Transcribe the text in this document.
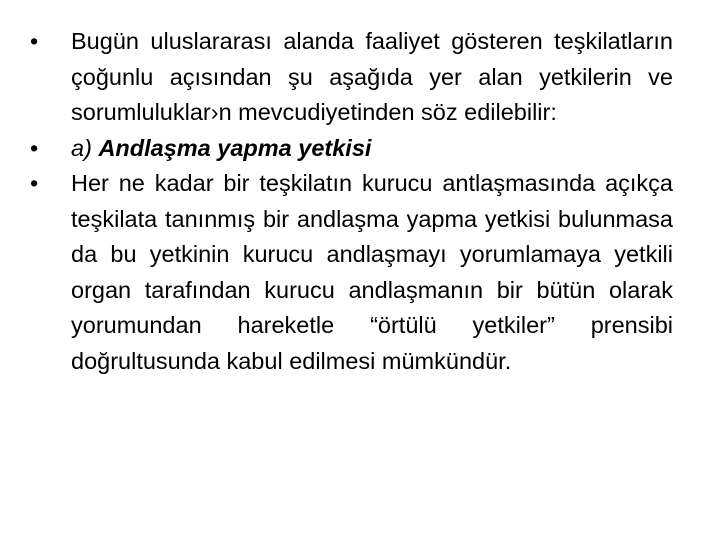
•	Bugün uluslararası alanda faaliyet gösteren teşkilatların çoğunlu açısından şu aşağıda yer alan yetkilerin ve sorumluluklar›n mevcudiyetinden söz edilebilir:
•	a) Andlaşma yapma yetkisi
•	Her ne kadar bir teşkilatın kurucu antlaşmasında açıkça teşkilata tanınmış bir andlaşma yapma yetkisi bulunmasa da bu yetkinin kurucu andlaşmayı yorumlamaya yetkili organ tarafından kurucu andlaşmanın bir bütün olarak yorumundan hareketle “örtülü yetkiler” prensibi doğrultusunda kabul edilmesi mümkündür.
